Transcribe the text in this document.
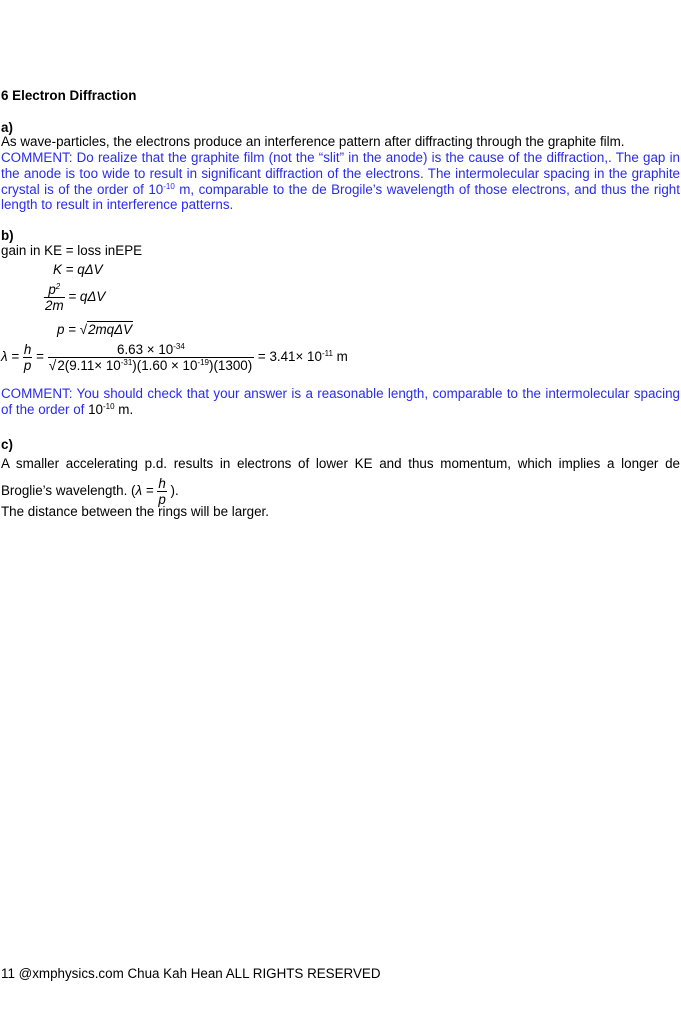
6 Electron Diffraction
a)
As wave-particles, the electrons produce an interference pattern after diffracting through the graphite film.
COMMENT: Do realize that the graphite film (not the “slit” in the anode) is the cause of the diffraction,. The gap in the anode is too wide to result in significant diffraction of the electrons. The intermolecular spacing in the graphite crystal is of the order of $10^{-10}$ m, comparable to the de Brogile’s wavelength of those electrons, and thus the right length to result in interference patterns.
b)
gain in KE = loss inEPE
K = qΔV
$\frac{p^2}{2m} = q\Delta V$
p = √2mqΔV
$\lambda = \frac{h}{p} = \frac{6.63 \times 10^{-34}}{√2(9.11\times 10^{-31})(1.60 \times 10^{-19})(1300)} = 3.41\times 10^{-11}$ m
COMMENT: You should check that your answer is a reasonable length, comparable to the intermolecular spacing of the order of $10^{-10}$ m.
c)
A smaller accelerating p.d. results in electrons of lower KE and thus momentum, which implies a longer de Broglie’s wavelength. ($\lambda = \frac{h}{p}$ ).
The distance between the rings will be larger.
11 @xmphysics.com Chua Kah Hean ALL RIGHTS RESERVED
